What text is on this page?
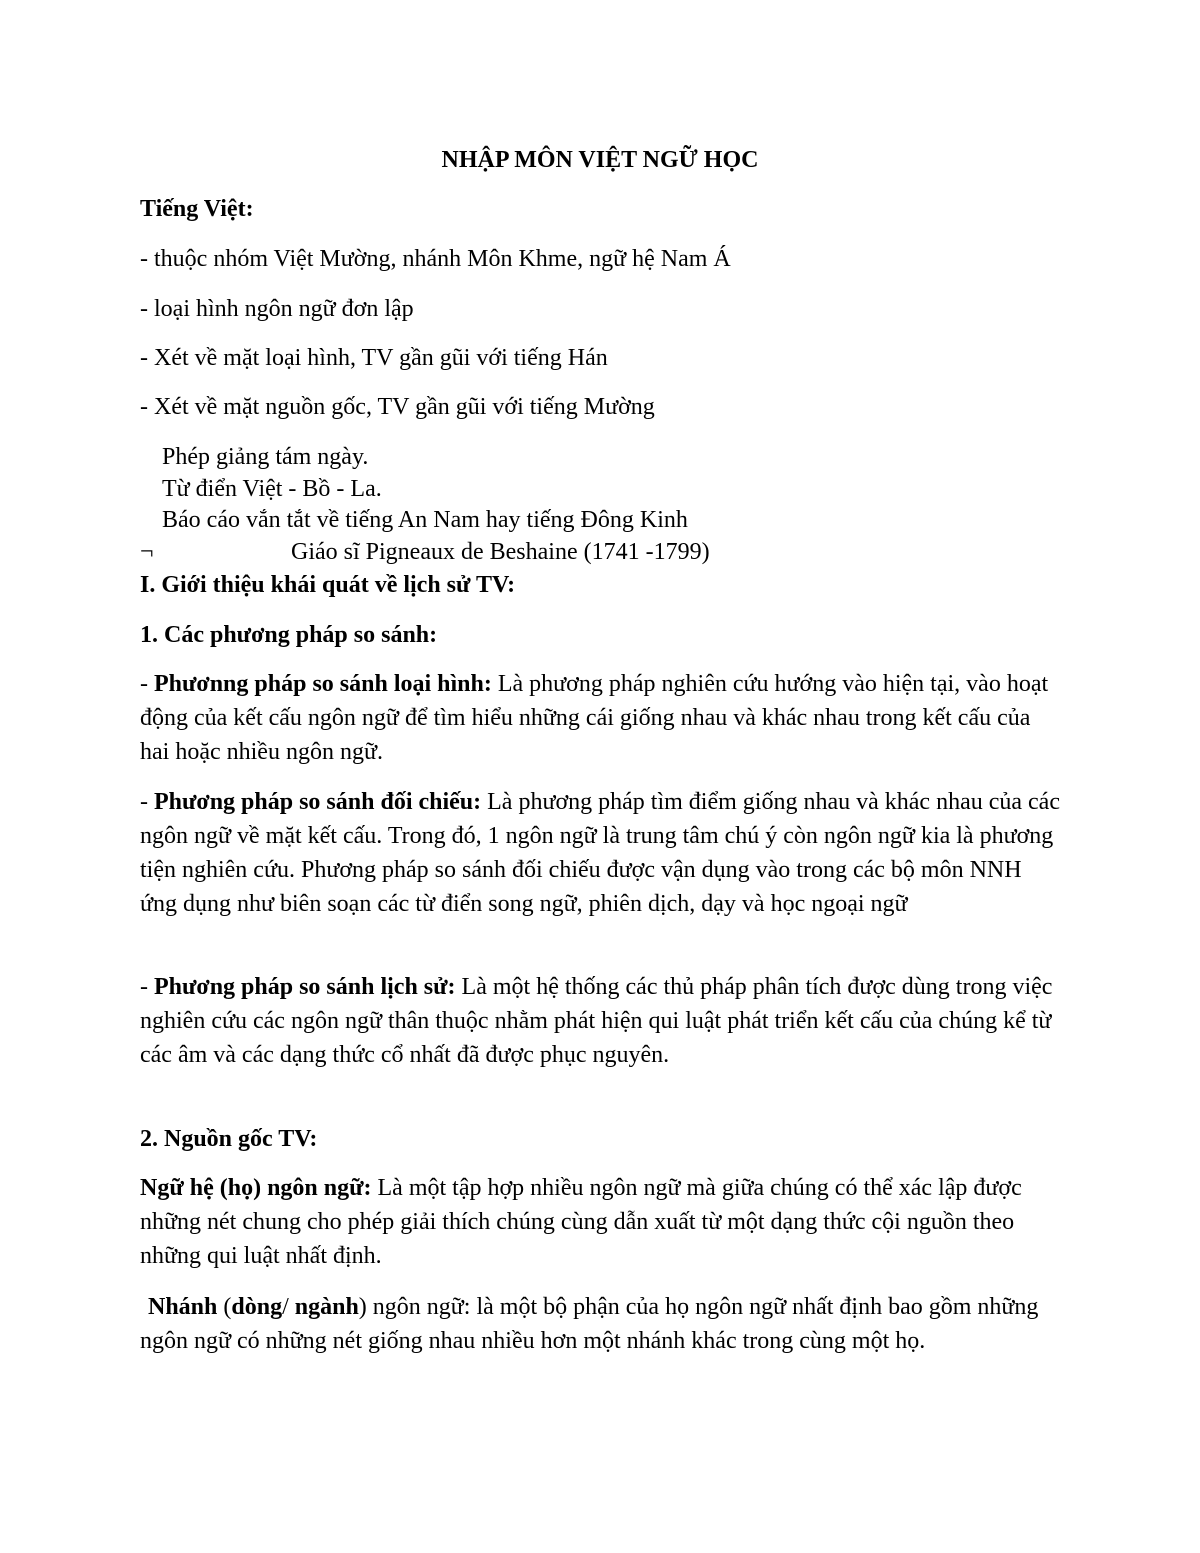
NHẬP MÔN VIỆT NGỮ HỌC
Tiếng Việt:
- thuộc nhóm Việt Mường, nhánh Môn Khme, ngữ hệ Nam Á
- loại hình ngôn ngữ đơn lập
- Xét về mặt loại hình, TV gần gũi với tiếng Hán
- Xét về mặt nguồn gốc, TV gần gũi với tiếng Mường
Phép giảng tám ngày.
Từ điển Việt - Bồ - La.
Báo cáo vắn tắt về tiếng An Nam hay tiếng Đông Kinh
¬	Giáo sĩ Pigneaux de Beshaine (1741 -1799)
I. Giới thiệu khái quát về lịch sử TV:
1. Các phương pháp so sánh:
- Phươnng pháp so sánh loại hình: Là phương pháp nghiên cứu hướng vào hiện tại, vào hoạt động của kết cấu ngôn ngữ để tìm hiểu những cái giống nhau và khác nhau trong kết cấu của hai hoặc nhiều ngôn ngữ.
- Phương pháp so sánh đối chiếu: Là phương pháp tìm điểm giống nhau và khác nhau của các ngôn ngữ về mặt kết cấu. Trong đó, 1 ngôn ngữ là trung tâm chú ý còn ngôn ngữ kia là phương tiện nghiên cứu. Phương pháp so sánh đối chiếu được vận dụng vào trong các bộ môn NNH ứng dụng như biên soạn các từ điển song ngữ, phiên dịch, dạy và học ngoại ngữ
- Phương pháp so sánh lịch sử: Là một hệ thống các thủ pháp phân tích được dùng trong việc nghiên cứu các ngôn ngữ thân thuộc nhằm phát hiện qui luật phát triển kết cấu của chúng kể từ các âm và các dạng thức cổ nhất đã được phục nguyên.
2. Nguồn gốc TV:
Ngữ hệ (họ) ngôn ngữ: Là một tập hợp nhiều ngôn ngữ mà giữa chúng có thể xác lập được những nét chung cho phép giải thích chúng cùng dẫn xuất từ một dạng thức cội nguồn theo những qui luật nhất định.
Nhánh (dòng/ ngành) ngôn ngữ: là một bộ phận của họ ngôn ngữ nhất định bao gồm những ngôn ngữ có những nét giống nhau nhiều hơn một nhánh khác trong cùng một họ.
